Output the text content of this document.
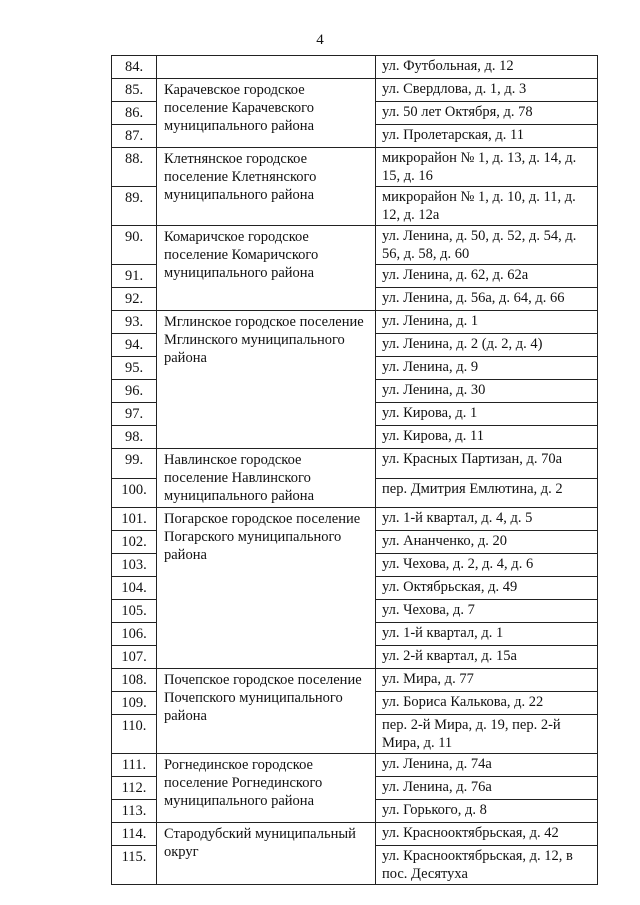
4
84.		ул. Футбольная, д. 12
85.	Карачевское городское поселение Карачевского муниципального района	ул. Свердлова, д. 1, д. 3
86.		ул. 50 лет Октября, д. 78
87.		ул. Пролетарская, д. 11
88.	Клетнянское городское поселение Клетнянского муниципального района	микрорайон № 1, д. 13, д. 14, д. 15, д. 16
89.		микрорайон № 1, д. 10, д. 11, д. 12, д. 12а
90.	Комаричское городское поселение Комаричского муниципального района	ул. Ленина, д. 50, д. 52, д. 54, д. 56, д. 58, д. 60
91.		ул. Ленина, д. 62, д. 62а
92.		ул. Ленина, д. 56а, д. 64, д. 66
93.	Мглинское городское поселение Мглинского муниципального района	ул. Ленина, д. 1
94.		ул. Ленина, д. 2 (д. 2, д. 4)
95.		ул. Ленина, д. 9
96.		ул. Ленина, д. 30
97.		ул. Кирова, д. 1
98.		ул. Кирова, д. 11
99.	Навлинское городское поселение Навлинского муниципального района	ул. Красных Партизан, д. 70а
100.		пер. Дмитрия Емлютина, д. 2
101.	Погарское городское поселение Погарского муниципального района	ул. 1-й квартал, д. 4, д. 5
102.		ул. Ананченко, д. 20
103.		ул. Чехова, д. 2, д. 4, д. 6
104.		ул. Октябрьская, д. 49
105.		ул. Чехова, д. 7
106.		ул. 1-й квартал, д. 1
107.		ул. 2-й квартал, д. 15а
108.	Почепское городское поселение Почепского муниципального района	ул. Мира, д. 77
109.		ул. Бориса Калькова, д. 22
110.		пер. 2-й Мира, д. 19, пер. 2-й Мира, д. 11
111.	Рогнединское городское поселение Рогнединского муниципального района	ул. Ленина, д. 74а
112.		ул. Ленина, д. 76а
113.		ул. Горького, д. 8
114.	Стародубский муниципальный округ	ул. Краснооктябрьская, д. 42
115.		ул. Краснооктябрьская, д. 12, в пос. Десятуха
